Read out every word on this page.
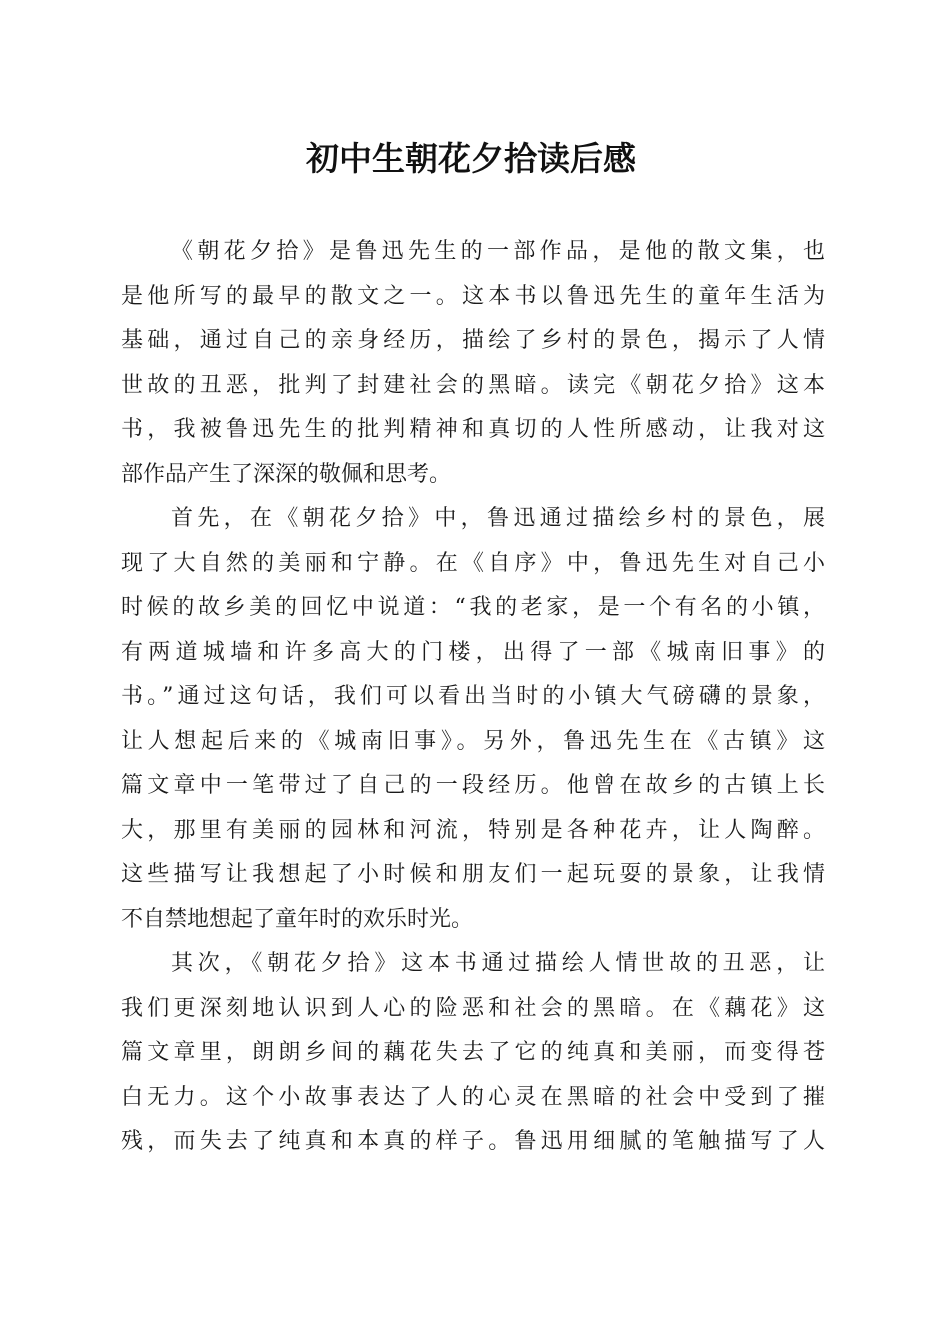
初中生朝花夕拾读后感
《朝花夕拾》是鲁迅先生的一部作品，是他的散文集，也
是他所写的最早的散文之一。这本书以鲁迅先生的童年生活为
基础，通过自己的亲身经历，描绘了乡村的景色，揭示了人情
世故的丑恶，批判了封建社会的黑暗。读完《朝花夕拾》这本
书，我被鲁迅先生的批判精神和真切的人性所感动，让我对这
部作品产生了深深的敬佩和思考。
首先，在《朝花夕拾》中，鲁迅通过描绘乡村的景色，展
现了大自然的美丽和宁静。在《自序》中，鲁迅先生对自己小
时候的故乡美的回忆中说道：“我的老家，是一个有名的小镇，
有两道城墙和许多高大的门楼，出得了一部《城南旧事》的
书。”通过这句话，我们可以看出当时的小镇大气磅礴的景象，
让人想起后来的《城南旧事》。另外，鲁迅先生在《古镇》这
篇文章中一笔带过了自己的一段经历。他曾在故乡的古镇上长
大，那里有美丽的园林和河流，特别是各种花卉，让人陶醉。
这些描写让我想起了小时候和朋友们一起玩耍的景象，让我情
不自禁地想起了童年时的欢乐时光。
其次，《朝花夕拾》这本书通过描绘人情世故的丑恶，让
我们更深刻地认识到人心的险恶和社会的黑暗。在《藕花》这
篇文章里，朗朗乡间的藕花失去了它的纯真和美丽，而变得苍
白无力。这个小故事表达了人的心灵在黑暗的社会中受到了摧
残，而失去了纯真和本真的样子。鲁迅用细腻的笔触描写了人
